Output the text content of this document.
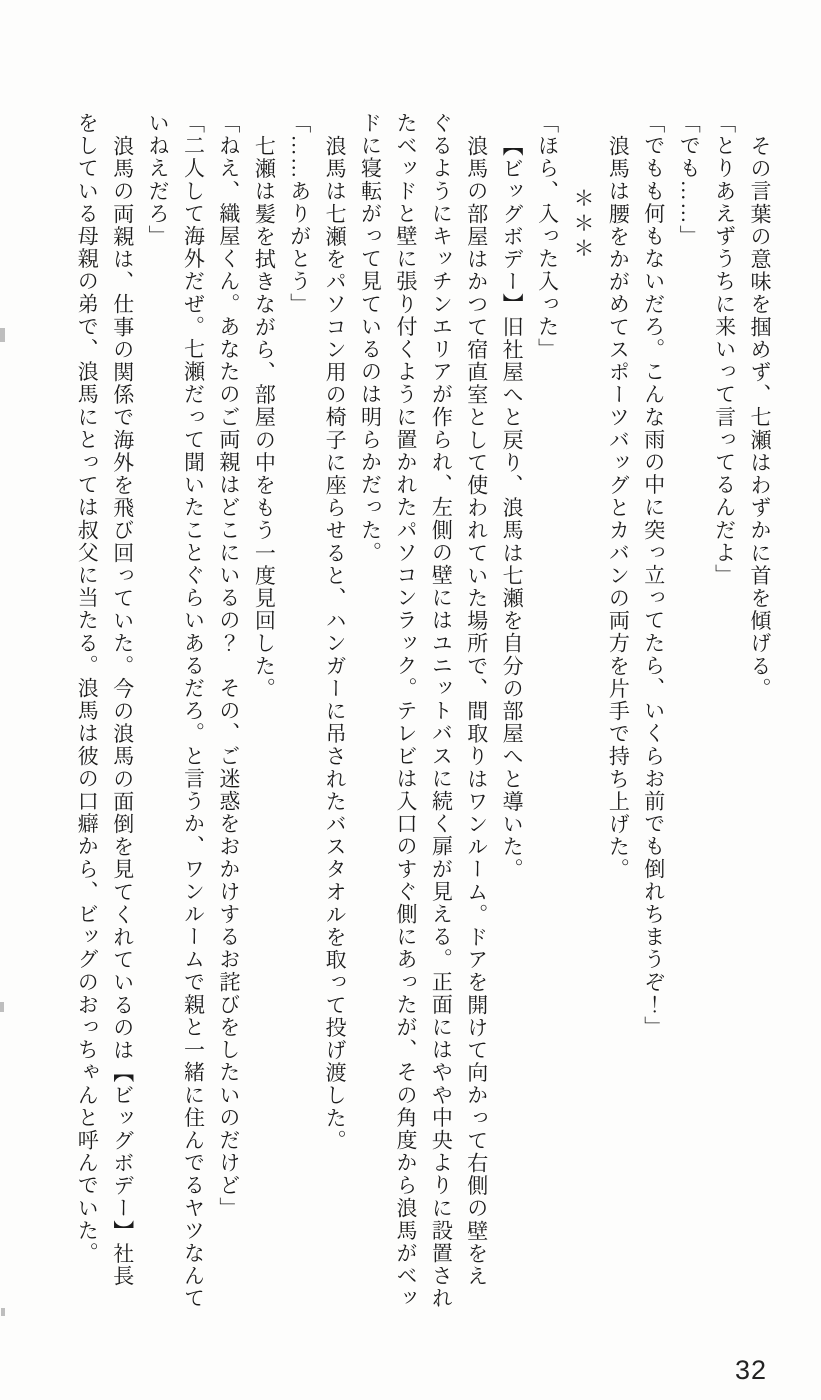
その言葉の意味を掴めず、七瀬はわずかに首を傾げる。

「とりあえずうちに来いって言ってるんだよ」

「でも……」

「でもも何もないだろ。こんな雨の中に突っ立ってたら、いくらお前でも倒れちまうぞ！」

浪馬は腰をかがめてスポーツバッグとカバンの両方を片手で持ち上げた。

＊＊＊

「ほら、入った入った」

【ビッグボデー】旧社屋へと戻り、浪馬は七瀬を自分の部屋へと導いた。

浪馬の部屋はかつて宿直室として使われていた場所で、間取りはワンルーム。ドアを開けて向かって右側の壁をえぐるようにキッチンエリアが作られ、左側の壁にはユニットバスに続く扉が見える。正面にはやや中央よりに設置されたベッドと壁に張り付くように置かれたパソコンラック。テレビは入口のすぐ側にあったが、その角度から浪馬がベッドに寝転がって見ているのは明らかだった。

浪馬は七瀬をパソコン用の椅子に座らせると、ハンガーに吊されたバスタオルを取って投げ渡した。

「……ありがとう」

七瀬は髪を拭きながら、部屋の中をもう一度見回した。

「ねえ、織屋くん。あなたのご両親はどこにいるの？　その、ご迷惑をおかけするお詫びをしたいのだけど」

「二人して海外だぜ。七瀬だって聞いたことぐらいあるだろ。と言うか、ワンルームで親と一緒に住んでるヤツなんていねえだろ」

浪馬の両親は、仕事の関係で海外を飛び回っていた。今の浪馬の面倒を見てくれているのは【ビッグボデー】社長をしている母親の弟で、浪馬にとっては叔父に当たる。浪馬は彼の口癖から、ビッグのおっちゃんと呼んでいた。

32
